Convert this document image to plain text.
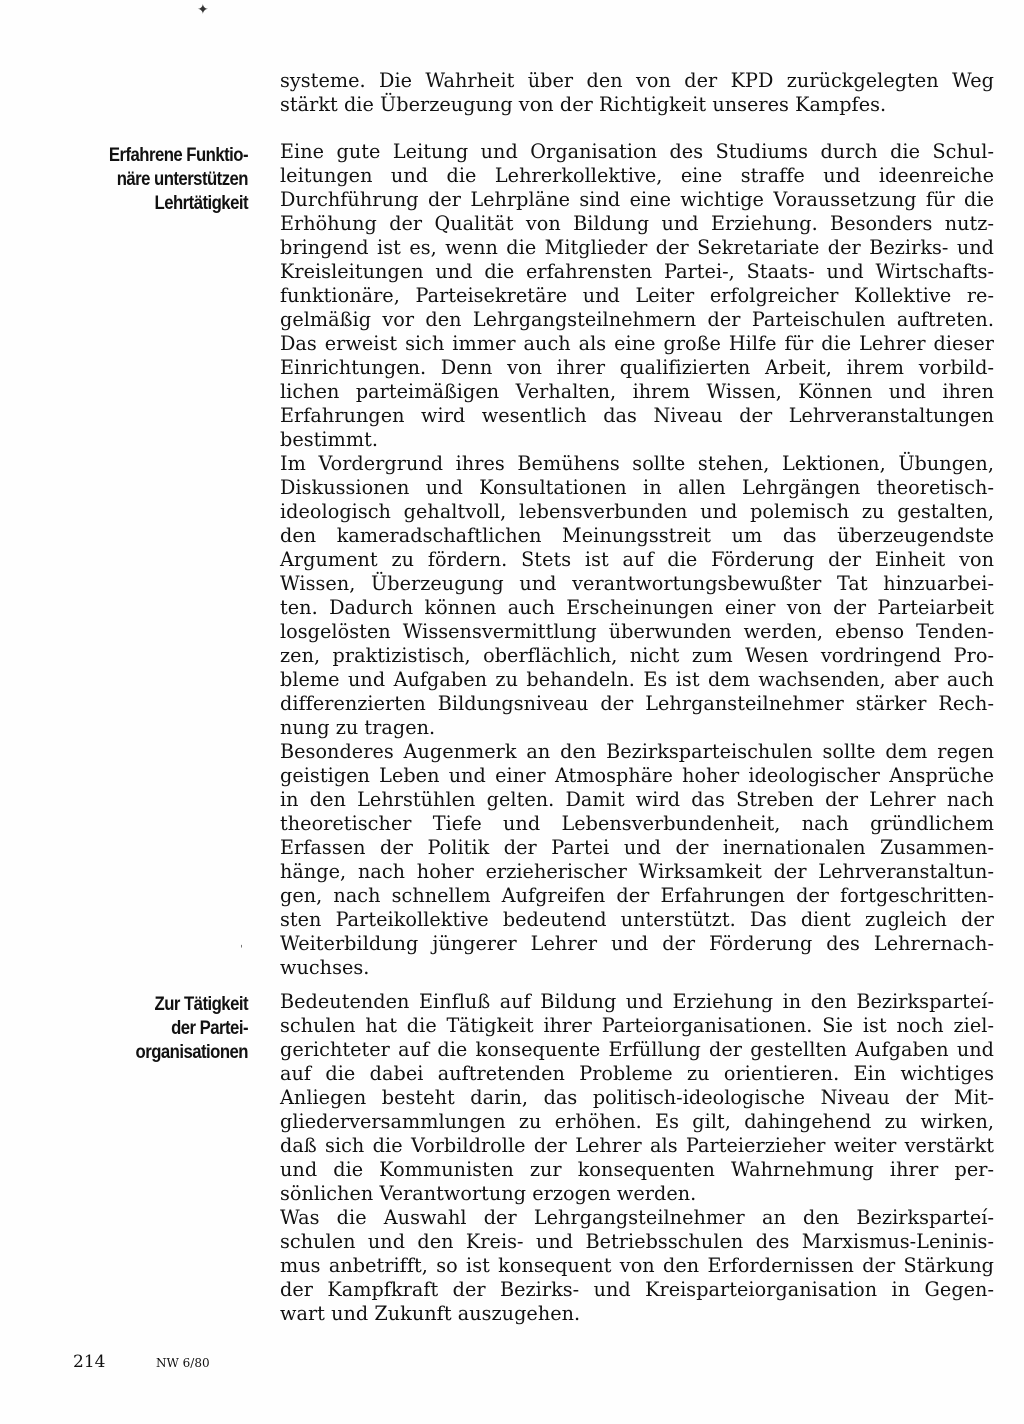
✦

systeme. Die Wahrheit über den von der KPD zurückgelegten Weg

stärkt die Überzeugung von der Richtigkeit unseres Kampfes.

Erfahrene Funktio-
näre unterstützen
Lehrtätigkeit

Eine gute Leitung und Organisation des Studiums durch die Schul-

leitungen und die Lehrerkollektive, eine straffe und ideenreiche

Durchführung der Lehrpläne sind eine wichtige Voraussetzung für die

Erhöhung der Qualität von Bildung und Erziehung. Besonders nutz-

bringend ist es, wenn die Mitglieder der Sekretariate der Bezirks- und

Kreisleitungen und die erfahrensten Partei-, Staats- und Wirtschafts-

funktionäre, Parteisekretäre und Leiter erfolgreicher Kollektive re-

gelmäßig vor den Lehrgangsteilnehmern der Parteischulen auftreten.

Das erweist sich immer auch als eine große Hilfe für die Lehrer dieser

Einrichtungen. Denn von ihrer qualifizierten Arbeit, ihrem vorbild-

lichen parteimäßigen Verhalten, ihrem Wissen, Können und ihren

Erfahrungen wird wesentlich das Niveau der Lehrveranstaltungen

bestimmt.

Im Vordergrund ihres Bemühens sollte stehen, Lektionen, Übungen,

Diskussionen und Konsultationen in allen Lehrgängen theoretisch-

ideologisch gehaltvoll, lebensverbunden und polemisch zu gestalten,

den kameradschaftlichen Meinungsstreit um das überzeugendste

Argument zu fördern. Stets ist auf die Förderung der Einheit von

Wissen, Überzeugung und verantwortungsbewußter Tat hinzuarbei-

ten. Dadurch können auch Erscheinungen einer von der Parteiarbeit

losgelösten Wissensvermittlung überwunden werden, ebenso Tenden-

zen, praktizistisch, oberflächlich, nicht zum Wesen vordringend Pro-

bleme und Aufgaben zu behandeln. Es ist dem wachsenden, aber auch

differenzierten Bildungsniveau der Lehrgansteilnehmer stärker Rech-

nung zu tragen.

Besonderes Augenmerk an den Bezirksparteischulen sollte dem regen

geistigen Leben und einer Atmosphäre hoher ideologischer Ansprüche

in den Lehrstühlen gelten. Damit wird das Streben der Lehrer nach

theoretischer Tiefe und Lebensverbundenheit, nach gründlichem

Erfassen der Politik der Partei und der inernationalen Zusammen-

hänge, nach hoher erzieherischer Wirksamkeit der Lehrveranstaltun-

gen, nach schnellem Aufgreifen der Erfahrungen der fortgeschritten-

sten Parteikollektive bedeutend unterstützt. Das dient zugleich der

Weiterbildung jüngerer Lehrer und der Förderung des Lehrernach-

wuchses.

ˌ
Zur Tätigkeit
der Partei-
organisationen

Bedeutenden Einfluß auf Bildung und Erziehung in den Bezirksparteí-

schulen hat die Tätigkeit ihrer Parteiorganisationen. Sie ist noch ziel-

gerichteter auf die konsequente Erfüllung der gestellten Aufgaben und

auf die dabei auftretenden Probleme zu orientieren. Ein wichtiges

Anliegen besteht darin, das politisch-ideologische Niveau der Mit-

gliederversammlungen zu erhöhen. Es gilt, dahingehend zu wirken,

daß sich die Vorbildrolle der Lehrer als Parteierzieher weiter verstärkt

und die Kommunisten zur konsequenten Wahrnehmung ihrer per-

sönlichen Verantwortung erzogen werden.

Was die Auswahl der Lehrgangsteilnehmer an den Bezirksparteí-

schulen und den Kreis- und Betriebsschulen des Marxismus-Leninis-

mus anbetrifft, so ist konsequent von den Erfordernissen der Stärkung

der Kampfkraft der Bezirks- und Kreisparteiorganisation in Gegen-

wart und Zukunft auszugehen.

214	NW 6/80
